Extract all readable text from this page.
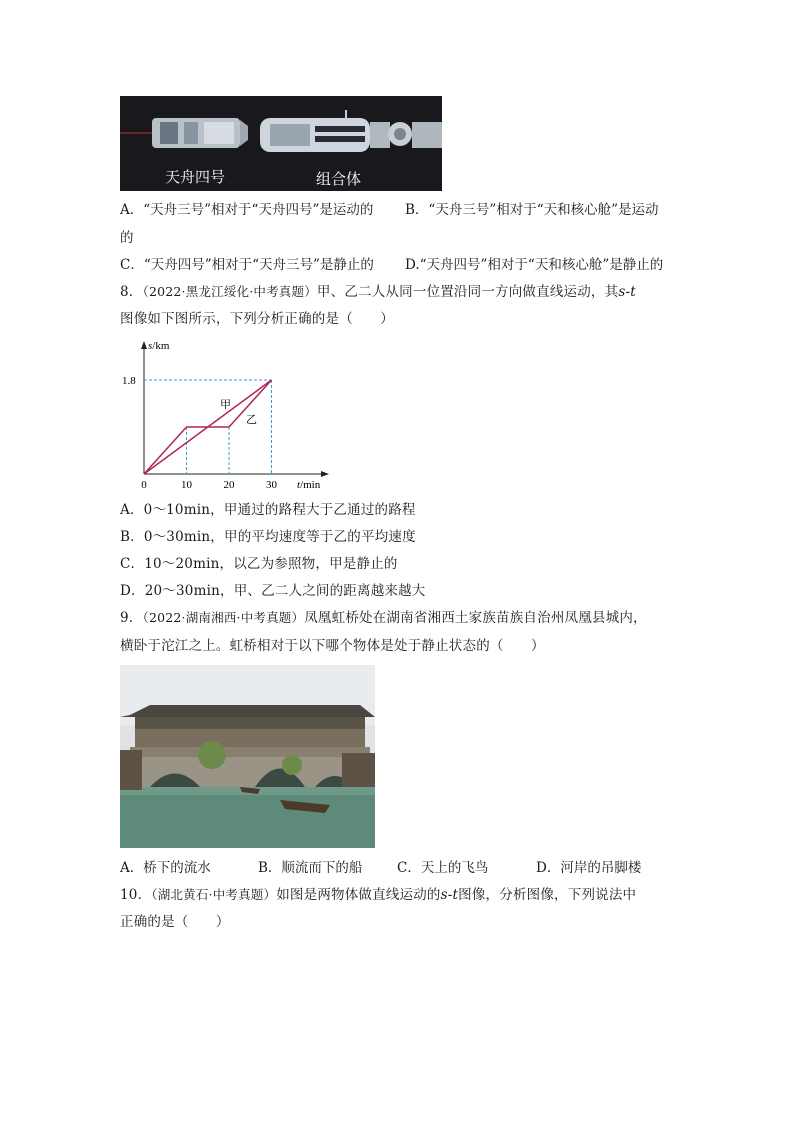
天舟四号	组合体
A．“天舟三号”相对于“天舟四号”是运动的 B．“天舟三号”相对于“天和核心舱”是运动
的
C．“天舟四号”相对于“天舟三号”是静止的 D.“天舟四号”相对于“天和核心舱”是静止的
8．（2022·黑龙江绥化·中考真题）甲、乙二人从同一位置沿同一方向做直线运动，其s-t
图像如下图所示，下列分析正确的是（　　）
s/km
t/min
0	10	20	30
1.8
甲
乙
A．0～10min，甲通过的路程大于乙通过的路程
B．0～30min，甲的平均速度等于乙的平均速度
C．10～20min，以乙为参照物，甲是静止的
D．20～30min，甲、乙二人之间的距离越来越大
9．（2022·湖南湘西·中考真题）凤凰虹桥处在湖南省湘西土家族苗族自治州凤凰县城内，
横卧于沱江之上。虹桥相对于以下哪个物体是处于静止状态的（　　）
A．桥下的流水	B．顺流而下的船	C．天上的飞鸟	D．河岸的吊脚楼
10．（湖北黄石·中考真题）如图是两物体做直线运动的s-t图像，分析图像，下列说法中
正确的是（　　）
